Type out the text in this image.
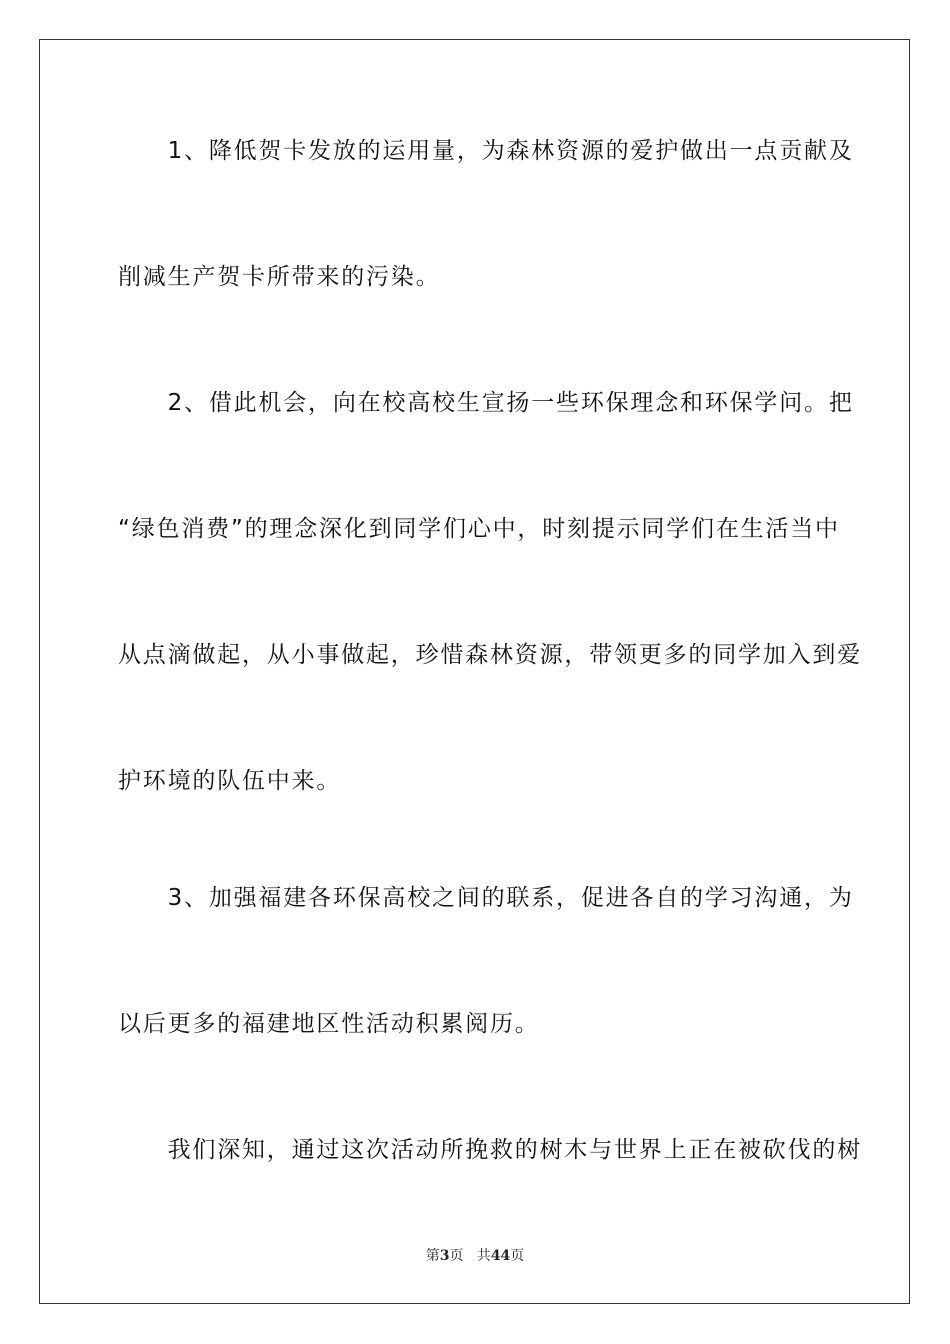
　　1、降低贺卡发放的运用量，为森林资源的爱护做出一点贡献及
削减生产贺卡所带来的污染。
　　2、借此机会，向在校高校生宣扬一些环保理念和环保学问。把
“绿色消费”的理念深化到同学们心中，时刻提示同学们在生活当中
从点滴做起，从小事做起，珍惜森林资源，带领更多的同学加入到爱
护环境的队伍中来。
　　3、加强福建各环保高校之间的联系，促进各自的学习沟通，为
以后更多的福建地区性活动积累阅历。
　　我们深知，通过这次活动所挽救的树木与世界上正在被砍伐的树
第3页 共44页
